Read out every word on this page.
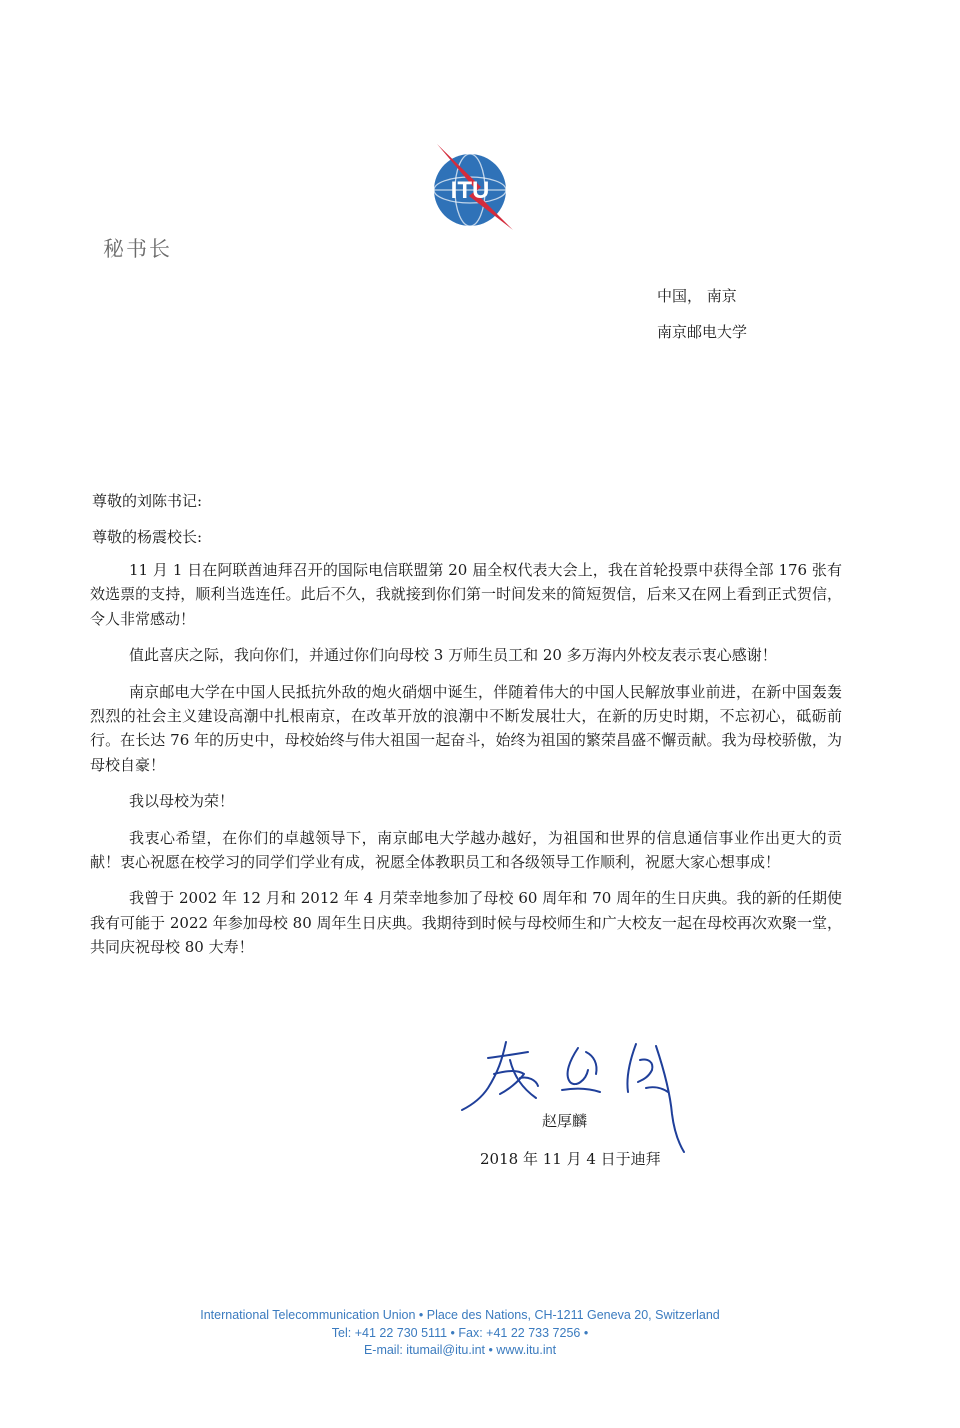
ITU
秘书长
中国， 南京
南京邮电大学
尊敬的刘陈书记:
尊敬的杨震校长:

11 月 1 日在阿联酋迪拜召开的国际电信联盟第 20 届全权代表大会上，我在首轮投票中获得全部 176 张有效选票的支持，顺利当选连任。此后不久，我就接到你们第一时间发来的简短贺信，后来又在网上看到正式贺信，令人非常感动！

值此喜庆之际，我向你们，并通过你们向母校 3 万师生员工和 20 多万海内外校友表示衷心感谢！

南京邮电大学在中国人民抵抗外敌的炮火硝烟中诞生，伴随着伟大的中国人民解放事业前进，在新中国轰轰烈烈的社会主义建设高潮中扎根南京，在改革开放的浪潮中不断发展壮大，在新的历史时期，不忘初心，砥砺前行。在长达 76 年的历史中，母校始终与伟大祖国一起奋斗，始终为祖国的繁荣昌盛不懈贡献。我为母校骄傲，为母校自豪！

我以母校为荣！

我衷心希望，在你们的卓越领导下，南京邮电大学越办越好，为祖国和世界的信息通信事业作出更大的贡献！衷心祝愿在校学习的同学们学业有成，祝愿全体教职员工和各级领导工作顺利，祝愿大家心想事成！

我曾于 2002 年 12 月和 2012 年 4 月荣幸地参加了母校 60 周年和 70 周年的生日庆典。我的新的任期使我有可能于 2022 年参加母校 80 周年生日庆典。我期待到时候与母校师生和广大校友一起在母校再次欢聚一堂，共同庆祝母校 80 大寿！

赵厚麟
2018 年 11 月 4 日于迪拜
International Telecommunication Union • Place des Nations, CH-1211 Geneva 20, Switzerland
Tel: +41 22 730 5111 • Fax: +41 22 733 7256 •
E-mail: itumail@itu.int • www.itu.int
